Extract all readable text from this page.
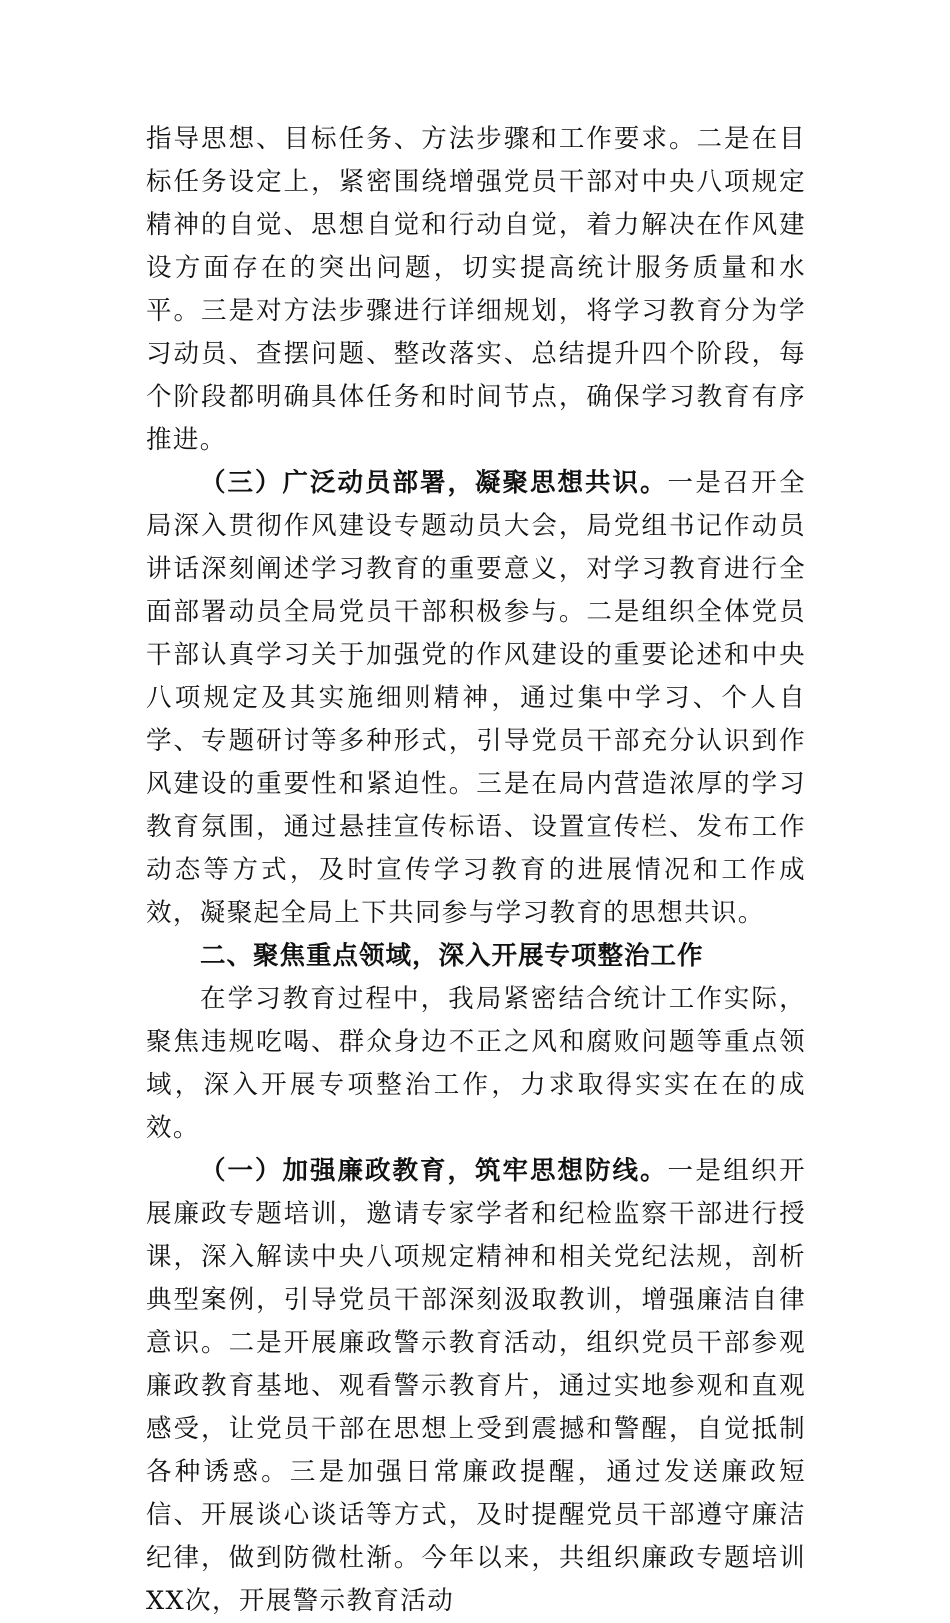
指导思想、目标任务、方法步骤和工作要求。二是在目标任务设定上，紧密围绕增强党员干部对中央八项规定精神的自觉、思想自觉和行动自觉，着力解决在作风建设方面存在的突出问题，切实提高统计服务质量和水平。三是对方法步骤进行详细规划，将学习教育分为学习动员、查摆问题、整改落实、总结提升四个阶段，每个阶段都明确具体任务和时间节点，确保学习教育有序推进。

（三）广泛动员部署，凝聚思想共识。一是召开全局深入贯彻作风建设专题动员大会，局党组书记作动员讲话深刻阐述学习教育的重要意义，对学习教育进行全面部署动员全局党员干部积极参与。二是组织全体党员干部认真学习关于加强党的作风建设的重要论述和中央八项规定及其实施细则精神，通过集中学习、个人自学、专题研讨等多种形式，引导党员干部充分认识到作风建设的重要性和紧迫性。三是在局内营造浓厚的学习教育氛围，通过悬挂宣传标语、设置宣传栏、发布工作动态等方式，及时宣传学习教育的进展情况和工作成效，凝聚起全局上下共同参与学习教育的思想共识。

二、聚焦重点领域，深入开展专项整治工作

在学习教育过程中，我局紧密结合统计工作实际，聚焦违规吃喝、群众身边不正之风和腐败问题等重点领域，深入开展专项整治工作，力求取得实实在在的成效。

（一）加强廉政教育，筑牢思想防线。一是组织开展廉政专题培训，邀请专家学者和纪检监察干部进行授课，深入解读中央八项规定精神和相关党纪法规，剖析典型案例，引导党员干部深刻汲取教训，增强廉洁自律意识。二是开展廉政警示教育活动，组织党员干部参观廉政教育基地、观看警示教育片，通过实地参观和直观感受，让党员干部在思想上受到震撼和警醒，自觉抵制各种诱惑。三是加强日常廉政提醒，通过发送廉政短信、开展谈心谈话等方式，及时提醒党员干部遵守廉洁纪律，做到防微杜渐。今年以来，共组织廉政专题培训XX次，开展警示教育活动
